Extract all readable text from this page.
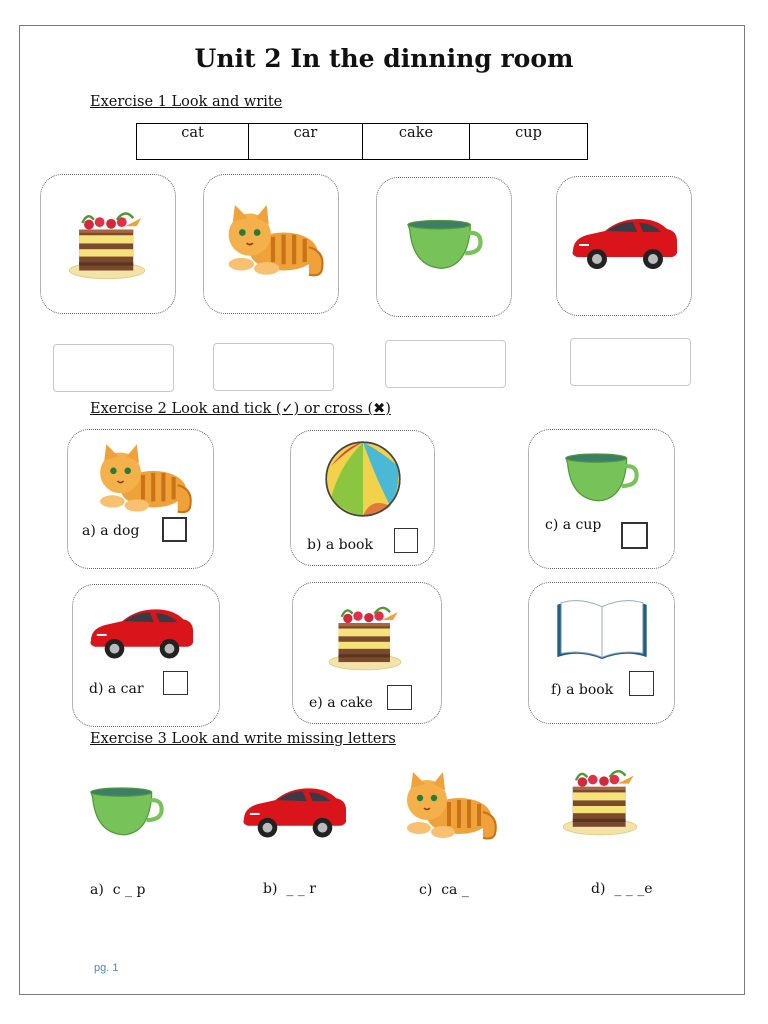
Unit 2 In the dinning room
Exercise 1 Look and write
cat	car	cake	cup
Exercise 2 Look and tick (✓) or cross (✖)
a) a dog
b) a book
c) a cup
d) a car
e) a cake
f) a book
Exercise 3 Look and write missing letters
a)  c _ p	b)  _ _ r	c)  ca _	d)  _ _ _e
pg. 1
